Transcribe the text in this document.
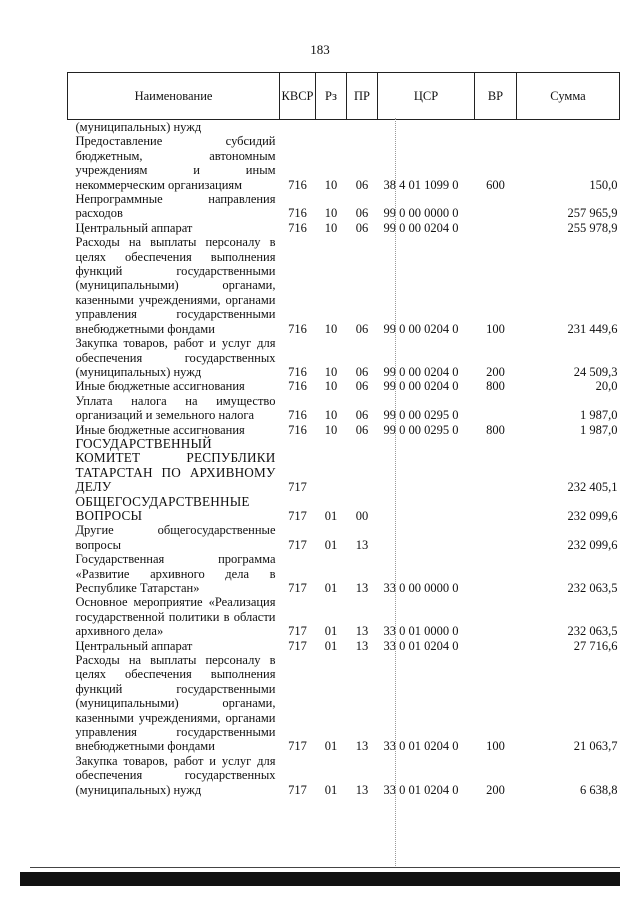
183
Наименование	КВСР	Рз	ПР	ЦСР	ВР	Сумма
(муниципальных) нужд						
Предоставление субсидий бюджетным, автономным учреждениям и иным некоммерческим организациям	716	10	06	38 4 01 1099 0	600	150,0
Непрограммные направления расходов	716	10	06	99 0 00 0000 0		257 965,9
Центральный аппарат	716	10	06	99 0 00 0204 0		255 978,9
Расходы на выплаты персоналу в целях обеспечения выполнения функций государственными (муниципальными) органами, казенными учреждениями, органами управления государственными внебюджетными фондами	716	10	06	99 0 00 0204 0	100	231 449,6
Закупка товаров, работ и услуг для обеспечения государственных (муниципальных) нужд	716	10	06	99 0 00 0204 0	200	24 509,3
Иные бюджетные ассигнования	716	10	06	99 0 00 0204 0	800	20,0
Уплата налога на имущество организаций и земельного налога	716	10	06	99 0 00 0295 0		1 987,0
Иные бюджетные ассигнования	716	10	06	99 0 00 0295 0	800	1 987,0
ГОСУДАРСТВЕННЫЙ КОМИТЕТ РЕСПУБЛИКИ ТАТАРСТАН ПО АРХИВНОМУ ДЕЛУ	717					232 405,1
ОБЩЕГОСУДАРСТВЕННЫЕ ВОПРОСЫ	717	01	00			232 099,6
Другие общегосударственные вопросы	717	01	13			232 099,6
Государственная программа «Развитие архивного дела в Республике Татарстан»	717	01	13	33 0 00 0000 0		232 063,5
Основное мероприятие «Реализация государственной политики в области архивного дела»	717	01	13	33 0 01 0000 0		232 063,5
Центральный аппарат	717	01	13	33 0 01 0204 0		27 716,6
Расходы на выплаты персоналу в целях обеспечения выполнения функций государственными (муниципальными) органами, казенными учреждениями, органами управления государственными внебюджетными фондами	717	01	13	33 0 01 0204 0	100	21 063,7
Закупка товаров, работ и услуг для обеспечения государственных (муниципальных) нужд	717	01	13	33 0 01 0204 0	200	6 638,8
